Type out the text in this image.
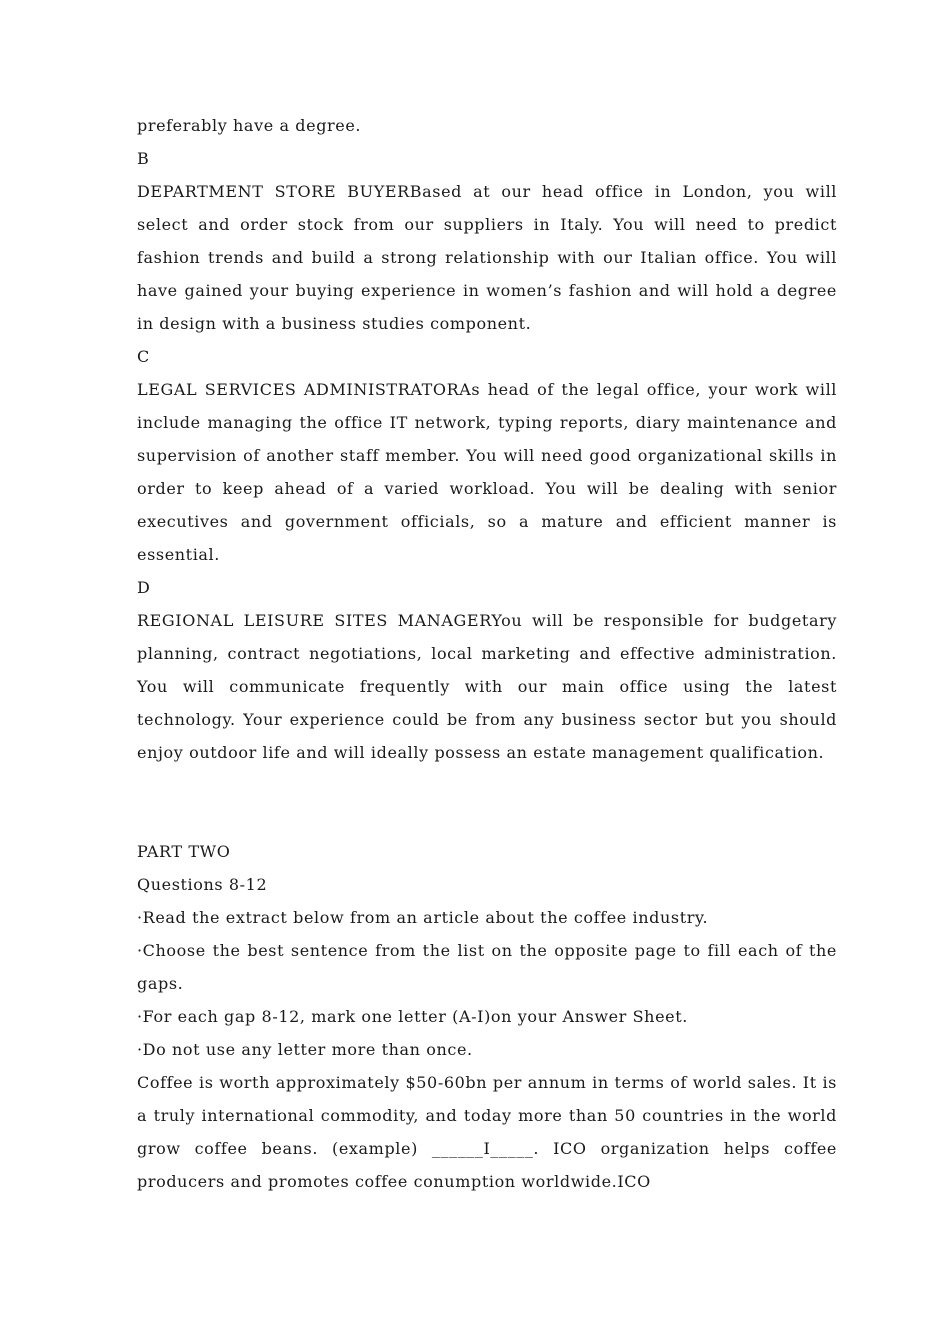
preferably have a degree.
B

DEPARTMENT STORE BUYERBased at our head office in London, you will select and order stock from our suppliers in Italy. You will need to predict fashion trends and build a strong relationship with our Italian office. You will have gained your buying experience in women’s fashion and will hold a degree in design with a business studies component.

C

LEGAL SERVICES ADMINISTRATORAs head of the legal office, your work will include managing the office IT network, typing reports, diary maintenance and supervision of another staff member. You will need good organizational skills in order to keep ahead of a varied workload. You will be dealing with senior executives and government officials, so a mature and efficient manner is essential.

D

REGIONAL LEISURE SITES MANAGERYou will be responsible for budgetary planning, contract negotiations, local marketing and effective administration. You will communicate frequently with our main office using the latest technology. Your experience could be from any business sector but you should enjoy outdoor life and will ideally possess an estate management qualification.

PART TWO
Questions 8-12
·Read the extract below from an article about the coffee industry.

·Choose the best sentence from the list on the opposite page to fill each of the gaps.

·For each gap 8-12, mark one letter (A-I)on your Answer Sheet.
·Do not use any letter more than once.

Coffee is worth approximately $50-60bn per annum in terms of world sales. It is a truly international commodity, and today more than 50 countries in the world grow coffee beans. (example) ______I_____. ICO organization helps coffee producers and promotes coffee conumption worldwide.ICO
